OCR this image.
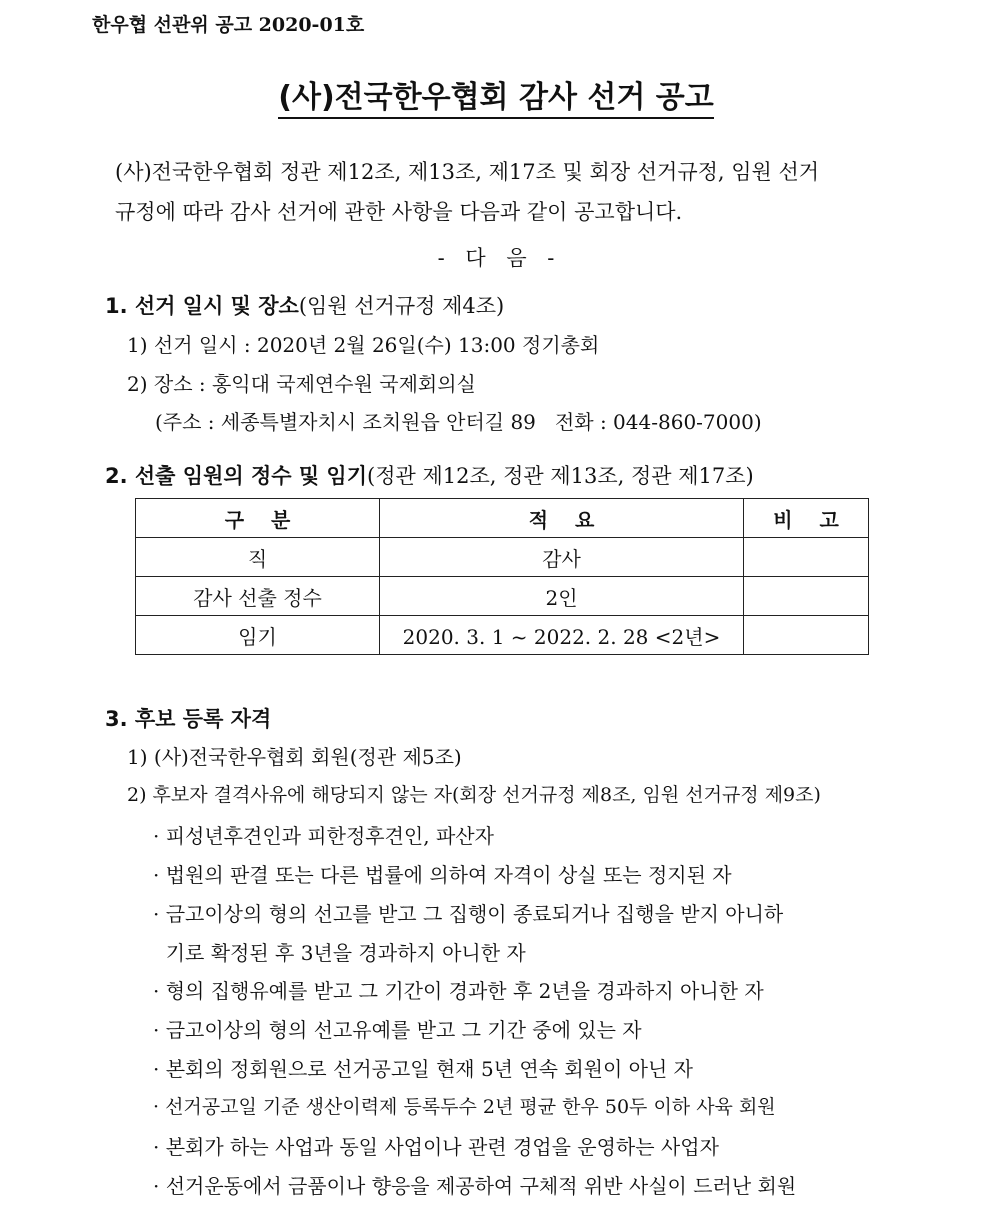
한우협 선관위 공고 2020-01호
(사)전국한우협회 감사 선거 공고
(사)전국한우협회 정관 제12조, 제13조, 제17조 및 회장 선거규정, 임원 선거
규정에 따라 감사 선거에 관한 사항을 다음과 같이 공고합니다.
- 다 음 -
1. 선거 일시 및 장소(임원 선거규정 제4조)
1) 선거 일시 : 2020년 2월 26일(수) 13:00 정기총회
2) 장소 : 홍익대 국제연수원 국제회의실
(주소 : 세종특별자치시 조치원읍 안터길 89   전화 : 044-860-7000)
2. 선출 임원의 정수 및 임기(정관 제12조, 정관 제13조, 정관 제17조)
구 분	적 요	비 고
직	감사	
감사 선출 정수	2인	
임기	2020. 3. 1 ~ 2022. 2. 28 <2년>	
3. 후보 등록 자격
1) (사)전국한우협회 회원(정관 제5조)
2) 후보자 결격사유에 해당되지 않는 자(회장 선거규정 제8조, 임원 선거규정 제9조)
· 피성년후견인과 피한정후견인, 파산자
· 법원의 판결 또는 다른 법률에 의하여 자격이 상실 또는 정지된 자
· 금고이상의 형의 선고를 받고 그 집행이 종료되거나 집행을 받지 아니하
기로 확정된 후 3년을 경과하지 아니한 자
· 형의 집행유예를 받고 그 기간이 경과한 후 2년을 경과하지 아니한 자
· 금고이상의 형의 선고유예를 받고 그 기간 중에 있는 자
· 본회의 정회원으로 선거공고일 현재 5년 연속 회원이 아닌 자
· 선거공고일 기준 생산이력제 등록두수 2년 평균 한우 50두 이하 사육 회원
· 본회가 하는 사업과 동일 사업이나 관련 경업을 운영하는 사업자
· 선거운동에서 금품이나 향응을 제공하여 구체적 위반 사실이 드러난 회원
